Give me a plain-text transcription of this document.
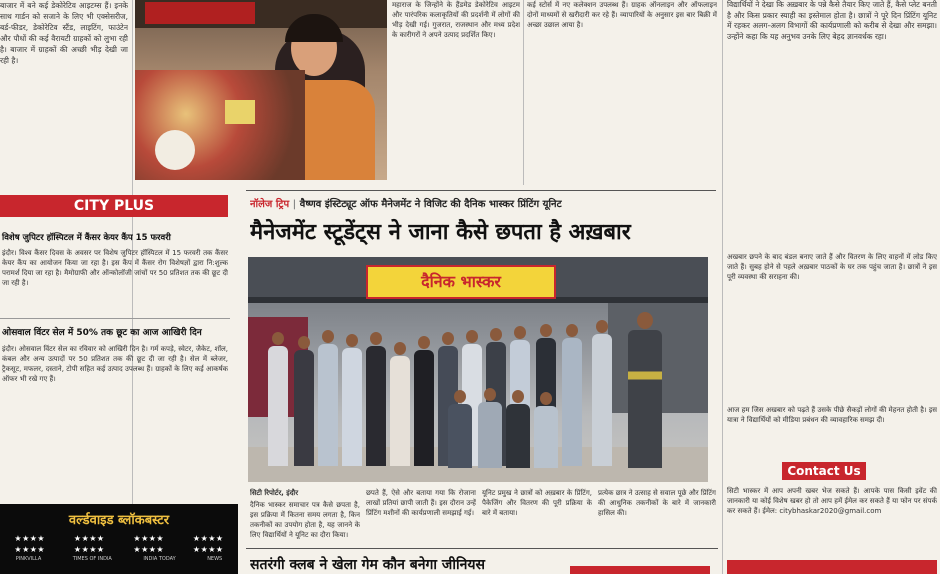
बाजार में बने कई डेकोरेटिव आइटम्स हैं। इनके साथ गार्डन को सजाने के लिए भी एक्सेसरीज, बर्ड-फीडर, डेकोरेटिव स्टैंड, लाइटिंग, फाउंटेन और पौधों की कई वैरायटी ग्राहकों को लुभा रही है। बाजार में ग्राहकों की अच्छी भीड़ देखी जा रही है।
CITY PLUS
विशेष जुपिटर हॉस्पिटल में कैंसर केयर कैंप 15 फरवरी
इंदौर। विश्व कैंसर दिवस के अवसर पर विशेष जुपिटर हॉस्पिटल में 15 फरवरी तक कैंसर केयर कैंप का आयोजन किया जा रहा है। इस कैंप में कैंसर रोग विशेषज्ञों द्वारा नि:शुल्क परामर्श दिया जा रहा है। मैमोग्राफी और ऑन्कोलॉजी जांचों पर 50 प्रतिशत तक की छूट दी जा रही है।
ओसवाल विंटर सेल में 50% तक छूट का आज आखिरी दिन
इंदौर। ओसवाल विंटर सेल का रविवार को आखिरी दिन है। गर्म कपड़े, स्वेटर, जैकेट, शॉल, कंबल और अन्य उत्पादों पर 50 प्रतिशत तक की छूट दी जा रही है। सेल में ब्लेजर, ट्रैकसूट, मफलर, दस्ताने, टोपी सहित कई उत्पाद उपलब्ध हैं। ग्राहकों के लिए कई आकर्षक ऑफर भी रखे गए हैं।
वर्ल्डवाइड ब्लॉकबस्टर
★★★★	★★★★	★★★★	★★★★
★★★★	★★★★	★★★★	★★★★
PINKVILLA	TIMES OF INDIA	INDIA TODAY	NEWS
महाराज के जिन्होंने के हैंडमेड डेकोरेटिव आइटम और पारंपरिक कलाकृतियों की प्रदर्शनी में लोगों की भीड़ देखी गई। गुजरात, राजस्थान और मध्य प्रदेश के कारीगरों ने अपने उत्पाद प्रदर्शित किए।
कई स्टोर्स में नए कलेक्शन उपलब्ध हैं। ग्राहक ऑनलाइन और ऑफलाइन दोनों माध्यमों से खरीदारी कर रहे हैं। व्यापारियों के अनुसार इस बार बिक्री में अच्छा उछाल आया है।
नॉलेज ट्रिप | वैष्णव इंस्टिट्यूट ऑफ मैनेजमेंट ने विजिट की दैनिक भास्कर प्रिंटिंग यूनिट
मैनेजमेंट स्टूडेंट्स ने जाना कैसे छपता है अख़बार
दैनिक भास्कर
सिटी रिपोर्टर, इंदौर
दैनिक भास्कर समाचार पत्र कैसे छपता है, इस प्रक्रिया में कितना समय लगता है, किन तकनीकों का उपयोग होता है, यह जानने के लिए विद्यार्थियों ने यूनिट का दौरा किया।
छपते हैं, ऐसे और बताया गया कि रोजाना लाखों प्रतियां छापी जाती हैं। इस दौरान उन्हें प्रिंटिंग मशीनों की कार्यप्रणाली समझाई गई।
यूनिट प्रमुख ने छात्रों को अख़बार के प्रिंटिंग, पैकेजिंग और वितरण की पूरी प्रक्रिया के बारे में बताया।
प्रत्येक छात्र ने उत्साह से सवाल पूछे और प्रिंटिंग की आधुनिक तकनीकों के बारे में जानकारी हासिल की।
सतरंगी क्लब ने खेला गेम कौन बनेगा जीनियस
विद्यार्थियों ने देखा कि अख़बार के पन्ने कैसे तैयार किए जाते हैं, कैसे प्लेट बनती है और किस प्रकार स्याही का इस्तेमाल होता है। छात्रों ने पूरे दिन प्रिंटिंग यूनिट में रहकर अलग-अलग विभागों की कार्यप्रणाली को करीब से देखा और समझा। उन्होंने कहा कि यह अनुभव उनके लिए बेहद ज्ञानवर्धक रहा।
अखबार छपने के बाद बंडल बनाए जाते हैं और वितरण के लिए वाहनों में लोड किए जाते हैं। सुबह होने से पहले अख़बार पाठकों के घर तक पहुंच जाता है। छात्रों ने इस पूरी व्यवस्था की सराहना की।
आज हम जिस अखबार को पढ़ते हैं उसके पीछे सैकड़ों लोगों की मेहनत होती है। इस यात्रा ने विद्यार्थियों को मीडिया प्रबंधन की व्यावहारिक समझ दी।
Contact Us
सिटी भास्कर में आप अपनी खबर भेज सकते हैं। आपके पास किसी इवेंट की जानकारी या कोई विशेष खबर हो तो आप हमें ईमेल कर सकते हैं या फोन पर संपर्क कर सकते हैं। ईमेल: citybhaskar2020@gmail.com
